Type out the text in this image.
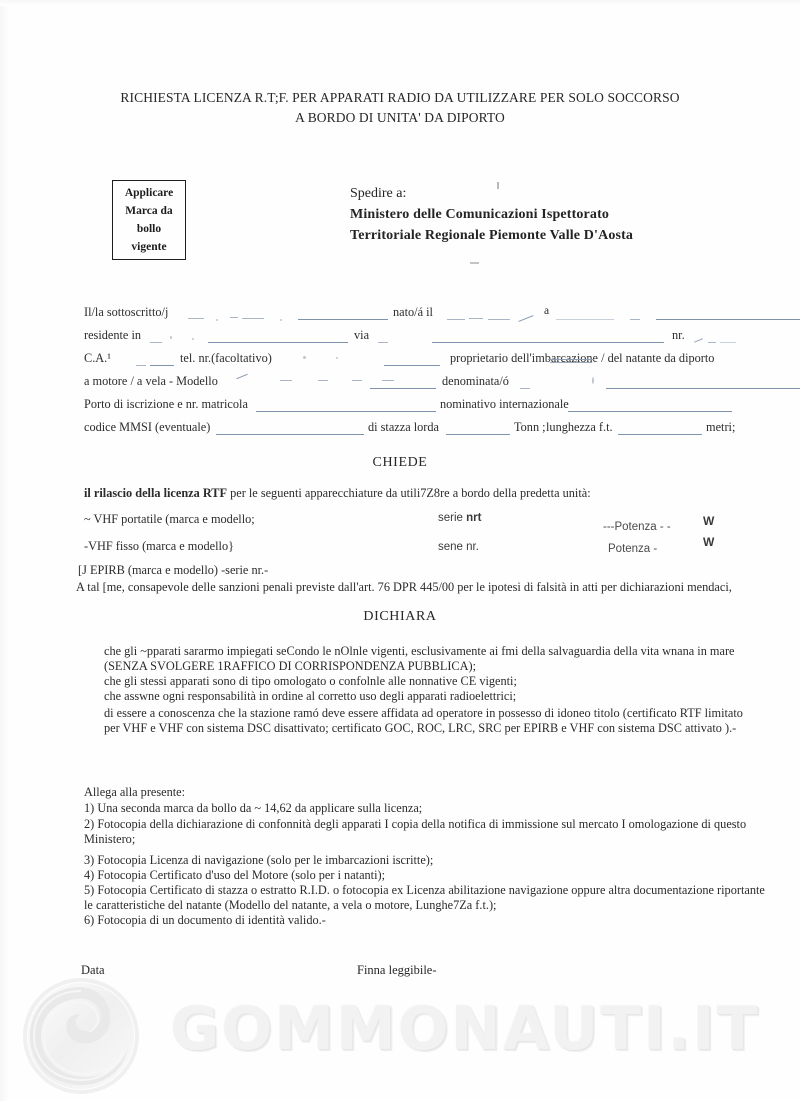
RICHIESTA LICENZA R.T;F. PER APPARATI RADIO DA UTILIZZARE PER SOLO SOCCORSO
A BORDO DI UNITA' DA DIPORTO
Applicare
Marca da
bollo
vigente
Spedire a:
Ministero delle Comunicazioni Ispettorato
Territoriale Regionale Piemonte Valle D'Aosta
Il/la sottoscritto/j	nato/á il	a
residente in	via	nr.
C.A.¹	tel. nr.(facoltativo)	proprietario dell'imbarcazione / del natante da diporto

a motore / a vela - Modello	denominata/ó
Porto di iscrizione e nr. matricola	nominativo internazionale
codice MMSI (eventuale)	di stazza lorda	Tonn ; lunghezza f.t.	metri;
CHIEDE
il rilascio della licenza RTF per le seguenti apparecchiature da utili7Z8re a bordo della predetta unità:
~ VHF portatile (marca e modello;	serie nrt
---Potenza - -	W
-VHF fisso (marca e modello}	sene nr.	Potenza -	W
[J EPIRB (marca e modello) -serie nr.-
A tal [me, consapevole delle sanzioni penali previste dall'art. 76 DPR 445/00 per le ipotesi di falsità in atti per dichiarazioni mendaci,
DICHIARA
che gli ~pparati sararmo impiegati seCondo le nOlnle vigenti, esclusivamente ai fmi della salvaguardia della vita wnana in mare
(SENZA SVOLGERE 1RAFFICO DI CORRISPONDENZA PUBBLICA);
che gli stessi apparati sono di tipo omologato o confolnle alle nonnative CE vigenti;
che asswne ogni responsabilità in ordine al corretto uso degli apparati radioelettrici;
di essere a conoscenza che la stazione ramó deve essere affidata ad operatore in possesso di idoneo titolo (certificato RTF limitato
per VHF e VHF con sistema DSC disattivato; certificato GOC, ROC, LRC, SRC per EPIRB e VHF con sistema DSC attivato ).-
Allega alla presente:
1) Una seconda marca da bollo da ~ 14,62 da applicare sulla licenza;
2) Fotocopia della dichiarazione di confonnità degli apparati I copia della notifica di immissione sul mercato I omologazione di questo
Ministero;
3) Fotocopia Licenza di navigazione (solo per le imbarcazioni iscritte);
4) Fotocopia Certificato d'uso del Motore (solo per i natanti);
5) Fotocopia Certificato di stazza o estratto R.I.D. o fotocopia ex Licenza abilitazione navigazione oppure altra documentazione riportante
le caratteristiche del natante (Modello del natante, a vela o motore, Lunghe7Za f.t.);
6) Fotocopia di un documento di identità valido.-
Data	Finna leggibile-
GOMMONAUTI.IT
